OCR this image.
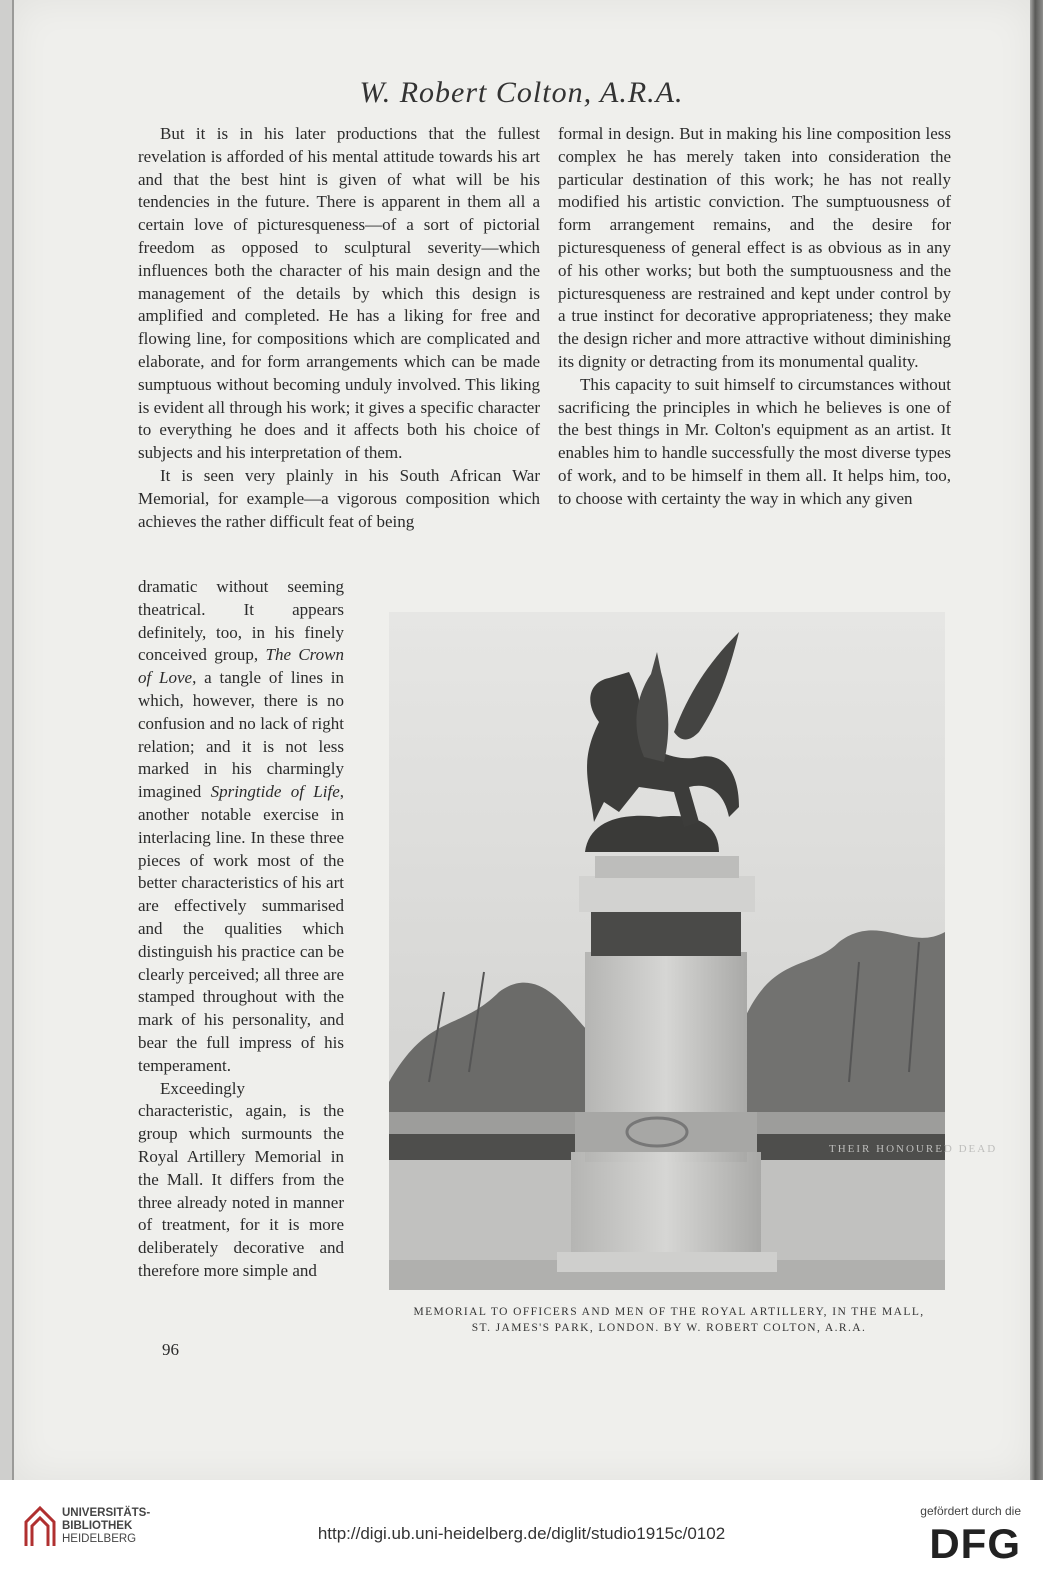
W. Robert Colton, A.R.A.

But it is in his later productions that the fullest revelation is afforded of his mental attitude towards his art and that the best hint is given of what will be his tendencies in the future. There is apparent in them all a certain love of picturesqueness—of a sort of pictorial freedom as opposed to sculptural severity—which influences both the character of his main design and the management of the details by which this design is amplified and completed. He has a liking for free and flowing line, for compositions which are complicated and elaborate, and for form arrangements which can be made sumptuous without becoming unduly involved. This liking is evident all through his work; it gives a specific character to everything he does and it affects both his choice of subjects and his interpretation of them.

It is seen very plainly in his South African War Memorial, for example—a vigorous composition which achieves the rather difficult feat of being

dramatic without seeming theatrical. It appears definitely, too, in his finely conceived group, The Crown of Love, a tangle of lines in which, however, there is no confusion and no lack of right relation; and it is not less marked in his charmingly imagined Springtide of Life, another notable exercise in interlacing line. In these three pieces of work most of the better characteristics of his art are effectively summarised and the qualities which distinguish his practice can be clearly perceived; all three are stamped throughout with the mark of his personality, and bear the full impress of his temperament.

Exceedingly characteristic, again, is the group which surmounts the Royal Artillery Memorial in the Mall. It differs from the three already noted in manner of treatment, for it is more deliberately decorative and therefore more simple and

96

formal in design. But in making his line composition less complex he has merely taken into consideration the particular destination of this work; he has not really modified his artistic conviction. The sumptuousness of form arrangement remains, and the desire for picturesqueness of general effect is as obvious as in any of his other works; but both the sumptuousness and the picturesqueness are restrained and kept under control by a true instinct for decorative appropriateness; they make the design richer and more attractive without diminishing its dignity or detracting from its monumental quality.

This capacity to suit himself to circumstances without sacrificing the principles in which he believes is one of the best things in Mr. Colton's equipment as an artist. It enables him to handle successfully the most diverse types of work, and to be himself in them all. It helps him, too, to choose with certainty the way in which any given

THEIR HONOURED DEAD
MEMORIAL TO OFFICERS AND MEN OF THE ROYAL ARTILLERY, IN THE MALL,
ST. JAMES'S PARK, LONDON. BY W. ROBERT COLTON, A.R.A.
UNIVERSITÄTS-
BIBLIOTHEK
HEIDELBERG	http://digi.ub.uni-heidelberg.de/diglit/studio1915c/0102
gefördert durch die
DFG
